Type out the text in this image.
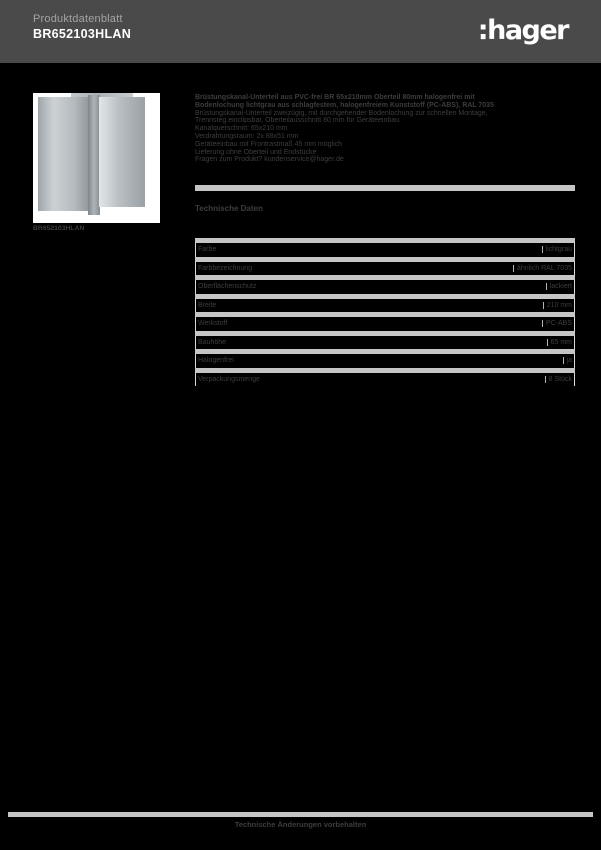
Produktdatenblatt
BR652103HLAN	:hager
BR652103HLAN
Brüstungskanal-Unterteil aus PVC-frei BR 65x210mm Oberteil 80mm halogenfrei mit
Bodenlochung lichtgrau aus schlagfestem, halogenfreiem Kunststoff (PC-ABS), RAL 7035
Brüstungskanal-Unterteil zweizügig, mit durchgehender Bodenlochung zur schnellen Montage,
Trennsteg einclipsbar, Oberteilausschnitt 80 mm für Geräteeinbau.
Kanalquerschnitt: 65x210 mm
Verdrahtungsraum: 2x 88x51 mm
Geräteeinbau mit Frontrastmaß 45 mm möglich
Lieferung ohne Oberteil und Endstücke
Fragen zum Produkt? kundenservice@hager.de
Technische Daten
Farbe	lichtgrau
Farbbezeichnung	ähnlich RAL 7035
Oberflächenschutz	lackiert
Breite	210 mm
Werkstoff	PC-ABS
Bauhöhe	65 mm
Halogenfrei	ja
Verpackungsmenge	8 Stück
Technische Änderungen vorbehalten
